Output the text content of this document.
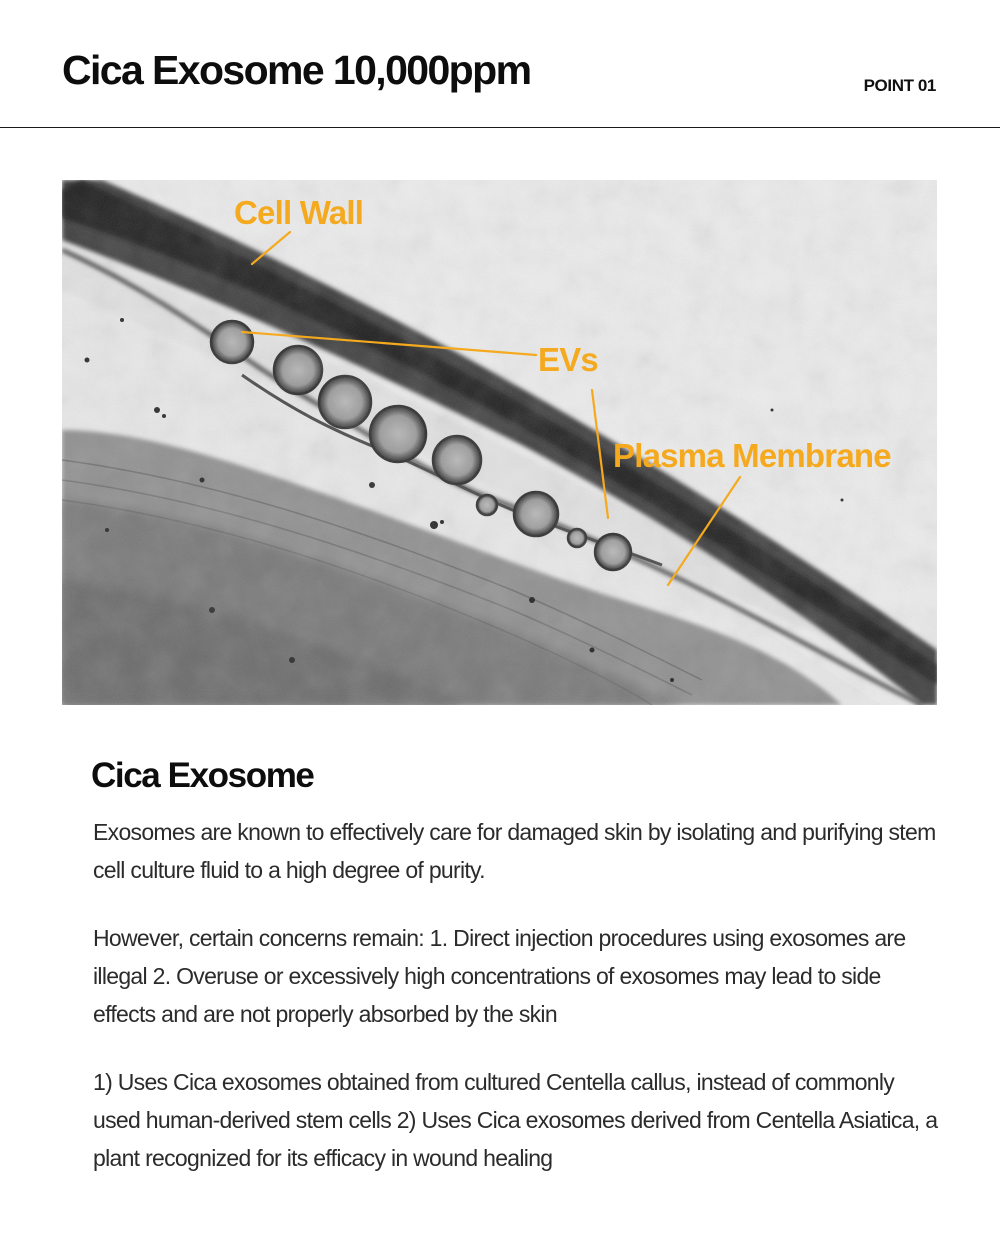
Cica Exosome 10,000ppm	POINT 01
Cell Wall
EVs
Plasma Membrane
Cica Exosome

Exosomes are known to effectively care for damaged skin by isolating and purifying stem cell culture fluid to a high degree of purity.

However, certain concerns remain: 1. Direct injection procedures using exosomes are illegal 2. Overuse or excessively high concentrations of exosomes may lead to side effects and are not properly absorbed by the skin

1) Uses Cica exosomes obtained from cultured Centella callus, instead of commonly used human-derived stem cells 2) Uses Cica exosomes derived from Centella Asiatica, a plant recognized for its efficacy in wound healing
